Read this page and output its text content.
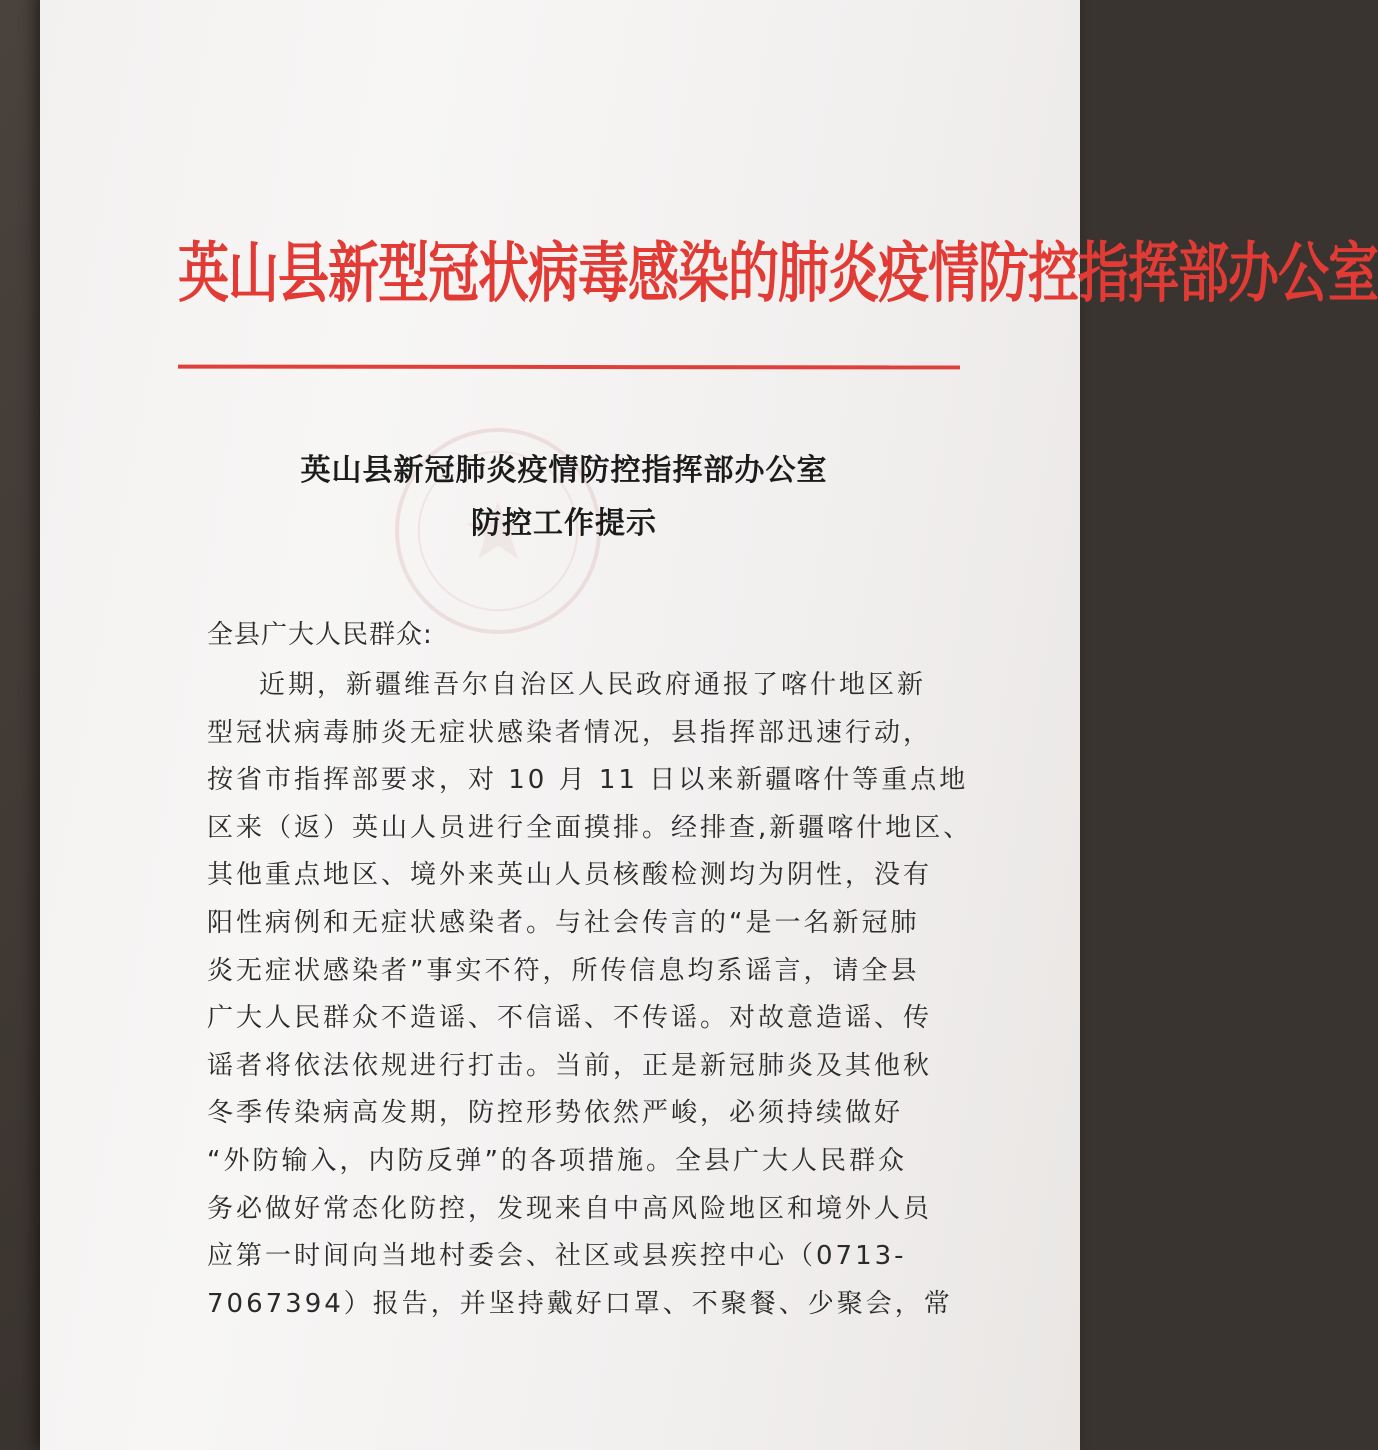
英山县新型冠状病毒感染的肺炎疫情防控指挥部办公室
英山县新冠肺炎疫情防控指挥部办公室
防控工作提示
全县广大人民群众:
近期，新疆维吾尔自治区人民政府通报了喀什地区新
型冠状病毒肺炎无症状感染者情况，县指挥部迅速行动，
按省市指挥部要求，对 10 月 11 日以来新疆喀什等重点地
区来（返）英山人员进行全面摸排。经排查,新疆喀什地区、
其他重点地区、境外来英山人员核酸检测均为阴性，没有
阳性病例和无症状感染者。与社会传言的“是一名新冠肺
炎无症状感染者”事实不符，所传信息均系谣言，请全县
广大人民群众不造谣、不信谣、不传谣。对故意造谣、传
谣者将依法依规进行打击。当前，正是新冠肺炎及其他秋
冬季传染病高发期，防控形势依然严峻，必须持续做好
“外防输入，内防反弹”的各项措施。全县广大人民群众
务必做好常态化防控，发现来自中高风险地区和境外人员
应第一时间向当地村委会、社区或县疾控中心（0713-
7067394）报告，并坚持戴好口罩、不聚餐、少聚会，常
